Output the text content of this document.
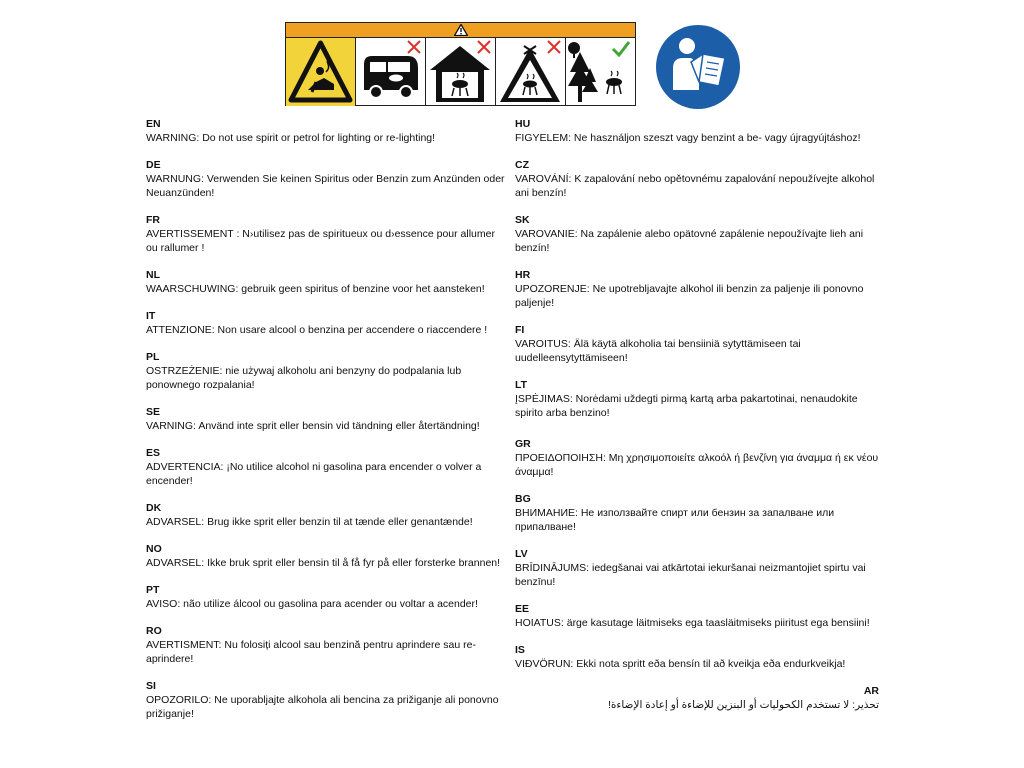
EN
WARNING: Do not use spirit or petrol for lighting or re-lighting!
DE
WARNUNG: Verwenden Sie keinen Spiritus oder Benzin zum Anzünden oder Neuanzünden!
FR
AVERTISSEMENT : N›utilisez pas de spiritueux ou d›essence pour allumer ou rallumer !
NL
WAARSCHUWING: gebruik geen spiritus of benzine voor het aansteken!
IT
ATTENZIONE: Non usare alcool o benzina per accendere o riaccendere !
PL
OSTRZEŻENIE: nie używaj alkoholu ani benzyny do podpalania lub ponownego rozpalania!
SE
VARNING: Använd inte sprit eller bensin vid tändning eller återtändning!
ES
ADVERTENCIA: ¡No utilice alcohol ni gasolina para encender o volver a encender!
DK
ADVARSEL: Brug ikke sprit eller benzin til at tænde eller genantænde!
NO
ADVARSEL: Ikke bruk sprit eller bensin til å få fyr på eller forsterke brannen!
PT
AVISO: não utilize álcool ou gasolina para acender ou voltar a acender!
RO
AVERTISMENT: Nu folosiți alcool sau benzină pentru aprindere sau re-aprindere!
SI
OPOZORILO: Ne uporabljajte alkohola ali bencina za prižiganje ali ponovno prižiganje!
HU
FIGYELEM: Ne használjon szeszt vagy benzint a be- vagy újragyújtáshoz!
CZ
VAROVÁNÍ: K zapalování nebo opětovnému zapalování nepoužívejte alkohol ani benzín!
SK
VAROVANIE: Na zapálenie alebo opätovné zapálenie nepoužívajte lieh ani benzín!
HR
UPOZORENJE: Ne upotrebljavajte alkohol ili benzin za paljenje ili ponovno paljenje!
FI
VAROITUS: Älä käytä alkoholia tai bensiiniä sytyttämiseen tai uudelleensytyttämiseen!
LT
ĮSPĖJIMAS: Norėdami uždegti pirmą kartą arba pakartotinai, nenaudokite spirito arba benzino!
GR
ΠΡΟΕΙΔΟΠΟΙΗΣΗ: Μη χρησιμοποιείτε αλκοόλ ή βενζίνη για άναμμα ή εκ νέου άναμμα!
BG
ВНИМАНИЕ: Не използвайте спирт или бензин за запалване или припалване!
LV
BRĪDINĀJUMS: iedegšanai vai atkārtotai iekuršanai neizmantojiet spirtu vai benzīnu!
EE
HOIATUS: ärge kasutage läitmiseks ega taasläitmiseks piiritust ega bensiini!
IS
VIÐVÖRUN: Ekki nota spritt eða bensín til að kveikja eða endurkveikja!
AR
تحذير: لا تستخدم الكحوليات أو البنزين للإضاءة أو إعادة الإضاءة!
